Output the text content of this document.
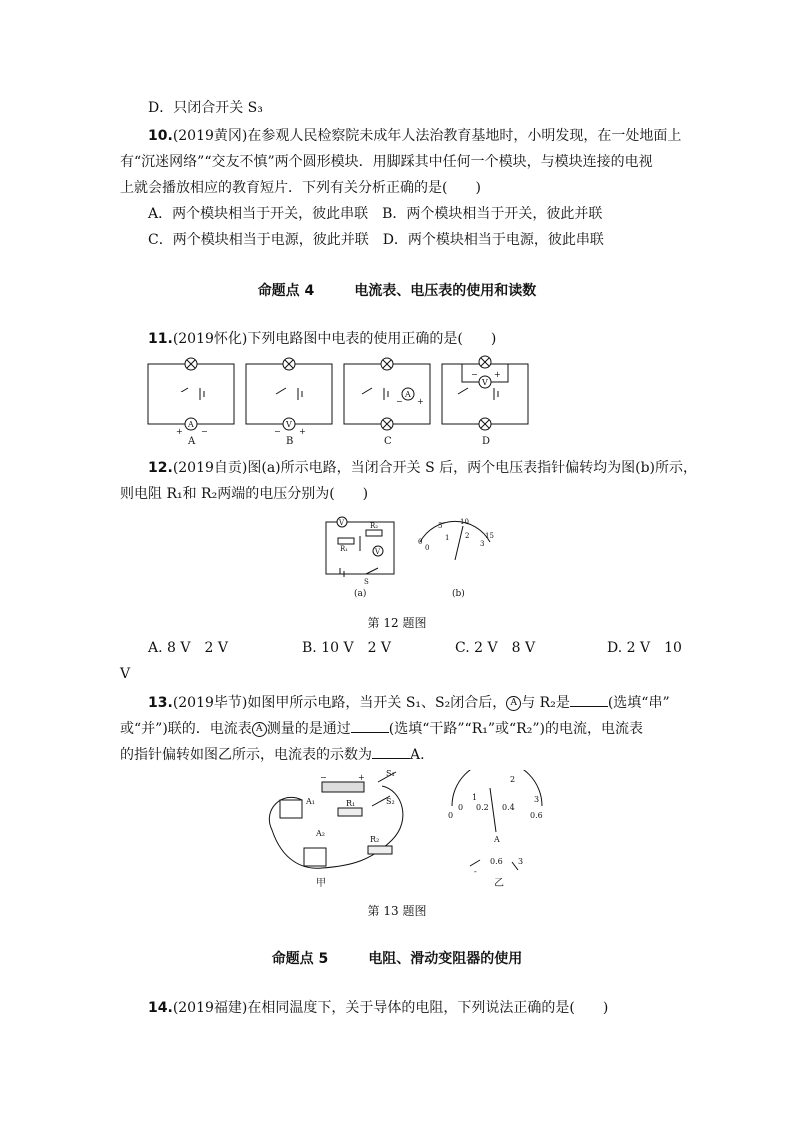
D．只闭合开关 S₃
10.(2019黄冈)在参观人民检察院未成年人法治教育基地时，小明发现，在一处地面上
有“沉迷网络”“交友不慎”两个圆形模块．用脚踩其中任何一个模块，与模块连接的电视
上就会播放相应的教育短片．下列有关分析正确的是(　　)
A．两个模块相当于开关，彼此串联　B．两个模块相当于开关，彼此并联
C．两个模块相当于电源，彼此并联　D．两个模块相当于电源，彼此串联
命题点 4	电流表、电压表的使用和读数
11.(2019怀化)下列电路图中电表的使用正确的是(　　)
A
+ −
V
− +
A
− +
V
− +
A	B	C	D
12.(2019自贡)图(a)所示电路，当闭合开关 S 后，两个电压表指针偏转均为图(b)所示，
则电阻 R₁和 R₂两端的电压分别为(　　)
V
V
R₂
R₁
S
0
5	10
15
0
1 2
3
(a)	(b)
第 12 题图
A. 8 V　2 V	B. 10 V　2 V	C. 2 V　8 V	D. 2 V　10
V
13.(2019毕节)如图甲所示电路，当开关 S₁、S₂闭合后， A 与 R₂是	(选填“串”
或“并”)联的．电流表 A 测量的是通过	(选填“干路”“R₁”或“R₂”)的电流，电流表
的指针偏转如图乙所示，电流表的示数为	A.
−	+	S₁
S₂
A₁	R₁
A₂
R₂
0
1
2
3
0
0.2 0.4
0.6
A
-
0.6 3
甲	乙
第 13 题图
命题点 5	电阻、滑动变阻器的使用
14.(2019福建)在相同温度下，关于导体的电阻，下列说法正确的是(　　)
